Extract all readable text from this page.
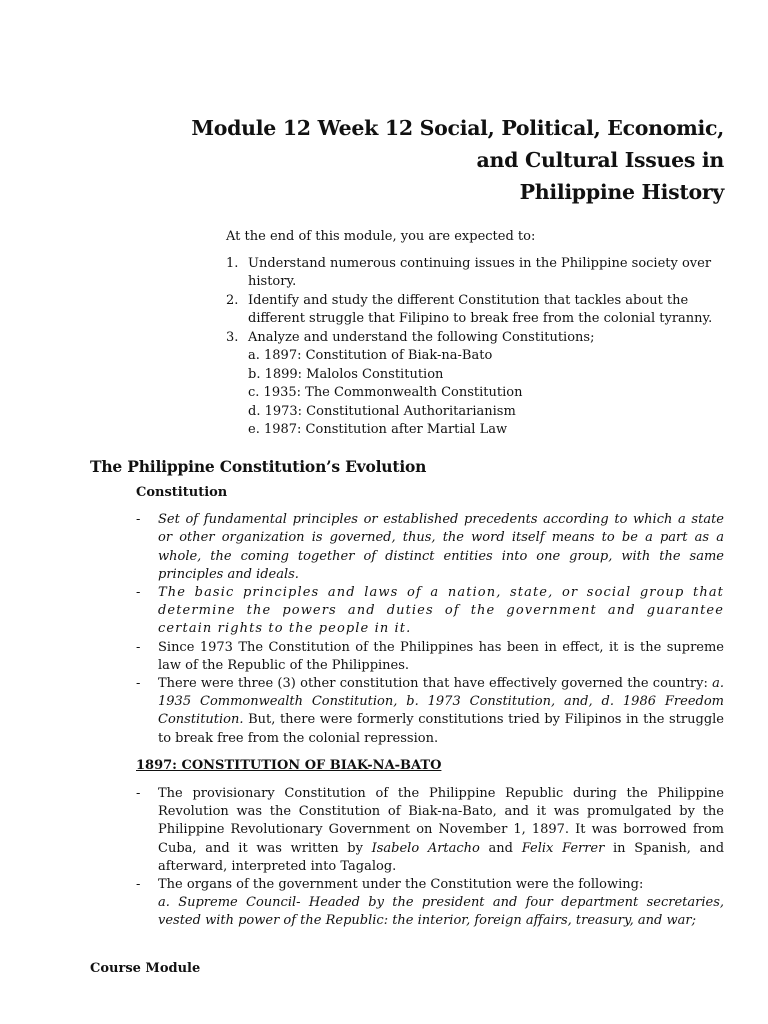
Module 12 Week 12 Social, Political, Economic,
and Cultural Issues in
Philippine History
At the end of this module, you are expected to:
1. Understand numerous continuing issues in the Philippine society over history.
2. Identify and study the different Constitution that tackles about the different struggle that Filipino to break free from the colonial tyranny.
3. Analyze and understand the following Constitutions;
a. 1897: Constitution of Biak-na-Bato
b. 1899: Malolos Constitution
c. 1935: The Commonwealth Constitution
d. 1973: Constitutional Authoritarianism
e. 1987: Constitution after Martial Law
The Philippine Constitution’s Evolution
Constitution
-	Set of fundamental principles or established precedents according to which a state or other organization is governed, thus, the word itself means to be a part as a whole, the coming together of distinct entities into one group, with the same principles and ideals.
-	The basic principles and laws of a nation, state, or social group that determine the powers and duties of the government and guarantee certain rights to the people in it.
-	Since 1973 The Constitution of the Philippines has been in effect, it is the supreme law of the Republic of the Philippines.
-	There were three (3) other constitution that have effectively governed the country: a. 1935 Commonwealth Constitution, b. 1973 Constitution, and, d. 1986 Freedom Constitution. But, there were formerly constitutions tried by Filipinos in the struggle to break free from the colonial repression.
1897: CONSTITUTION OF BIAK-NA-BATO
-	The provisionary Constitution of the Philippine Republic during the Philippine Revolution was the Constitution of Biak-na-Bato, and it was promulgated by the Philippine Revolutionary Government on November 1, 1897. It was borrowed from Cuba, and it was written by Isabelo Artacho and Felix Ferrer in Spanish, and afterward, interpreted into Tagalog.
-	The organs of the government under the Constitution were the following:
a. Supreme Council- Headed by the president and four department secretaries, vested with power of the Republic: the interior, foreign affairs, treasury, and war;
Course Module
